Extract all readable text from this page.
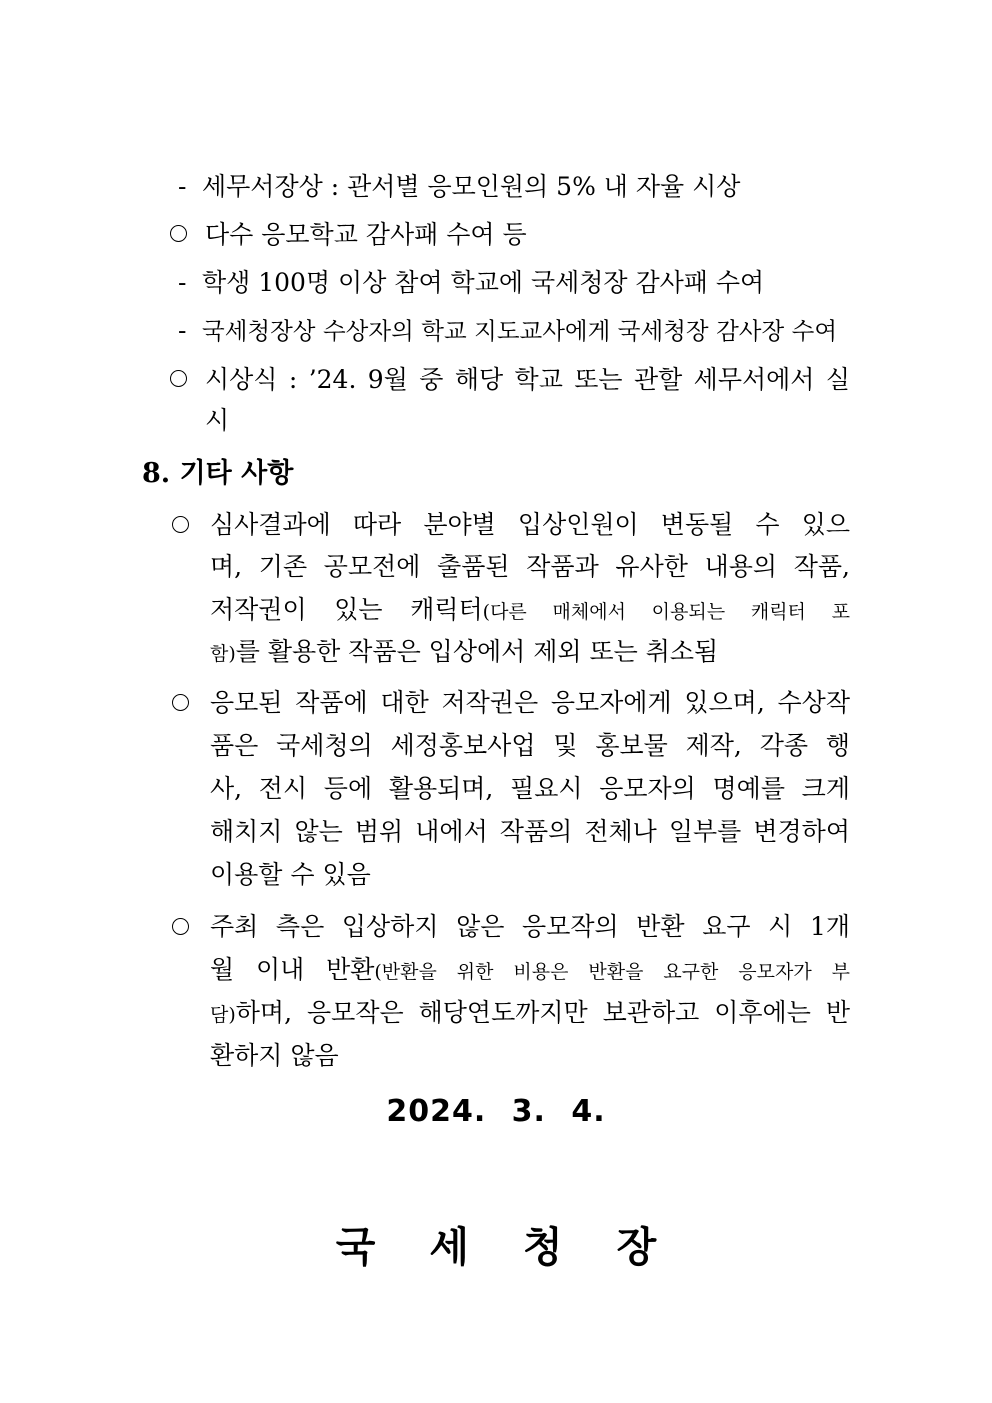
- 세무서장상 : 관서별 응모인원의 5% 내 자율 시상
다수 응모학교 감사패 수여 등
- 학생 100명 이상 참여 학교에 국세청장 감사패 수여
- 국세청장상 수상자의 학교 지도교사에게 국세청장 감사장 수여
시상식 : ’24. 9월 중 해당 학교 또는 관할 세무서에서 실
시
8. 기타 사항
심사결과에 따라 분야별 입상인원이 변동될 수 있으
며, 기존 공모전에 출품된 작품과 유사한 내용의 작품,
저작권이 있는 캐릭터(다른 매체에서 이용되는 캐릭터 포
함)를 활용한 작품은 입상에서 제외 또는 취소됨
응모된 작품에 대한 저작권은 응모자에게 있으며, 수상작
품은 국세청의 세정홍보사업 및 홍보물 제작, 각종 행
사, 전시 등에 활용되며, 필요시 응모자의 명예를 크게
해치지 않는 범위 내에서 작품의 전체나 일부를 변경하여
이용할 수 있음
주최 측은 입상하지 않은 응모작의 반환 요구 시 1개
월 이내 반환(반환을 위한 비용은 반환을 요구한 응모자가 부
담)하며, 응모작은 해당연도까지만 보관하고 이후에는 반
환하지 않음
2024. 3. 4.
국세청장
